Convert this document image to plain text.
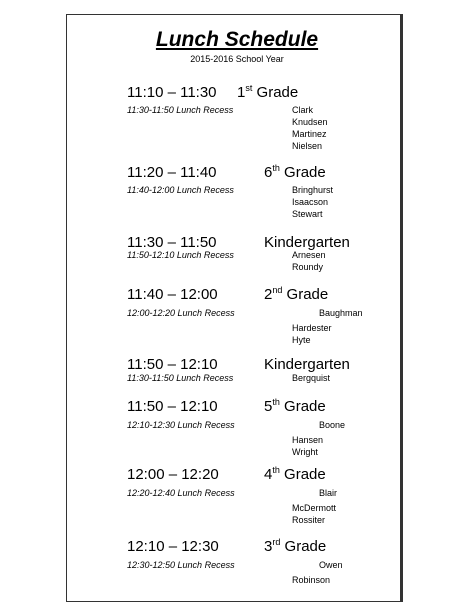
Lunch Schedule
2015-2016 School Year
11:10 – 11:30 1st Grade
11:30-11:50 Lunch Recess	Clark
Knudsen
Martinez
Nielsen
11:20 – 11:40	6th Grade
11:40-12:00 Lunch Recess	Bringhurst
Isaacson
Stewart
11:30 – 11:50	Kindergarten
11:50-12:10 Lunch Recess	Arnesen
Roundy
11:40 – 12:00	2nd Grade
12:00-12:20 Lunch Recess	Baughman
Hardester
Hyte
11:50 – 12:10	Kindergarten
11:30-11:50 Lunch Recess	Bergquist
11:50 – 12:10	5th Grade
12:10-12:30 Lunch Recess	Boone
Hansen
Wright
12:00 – 12:20	4th Grade
12:20-12:40 Lunch Recess	Blair
McDermott
Rossiter
12:10 – 12:30	3rd Grade
12:30-12:50 Lunch Recess	Owen
Robinson
